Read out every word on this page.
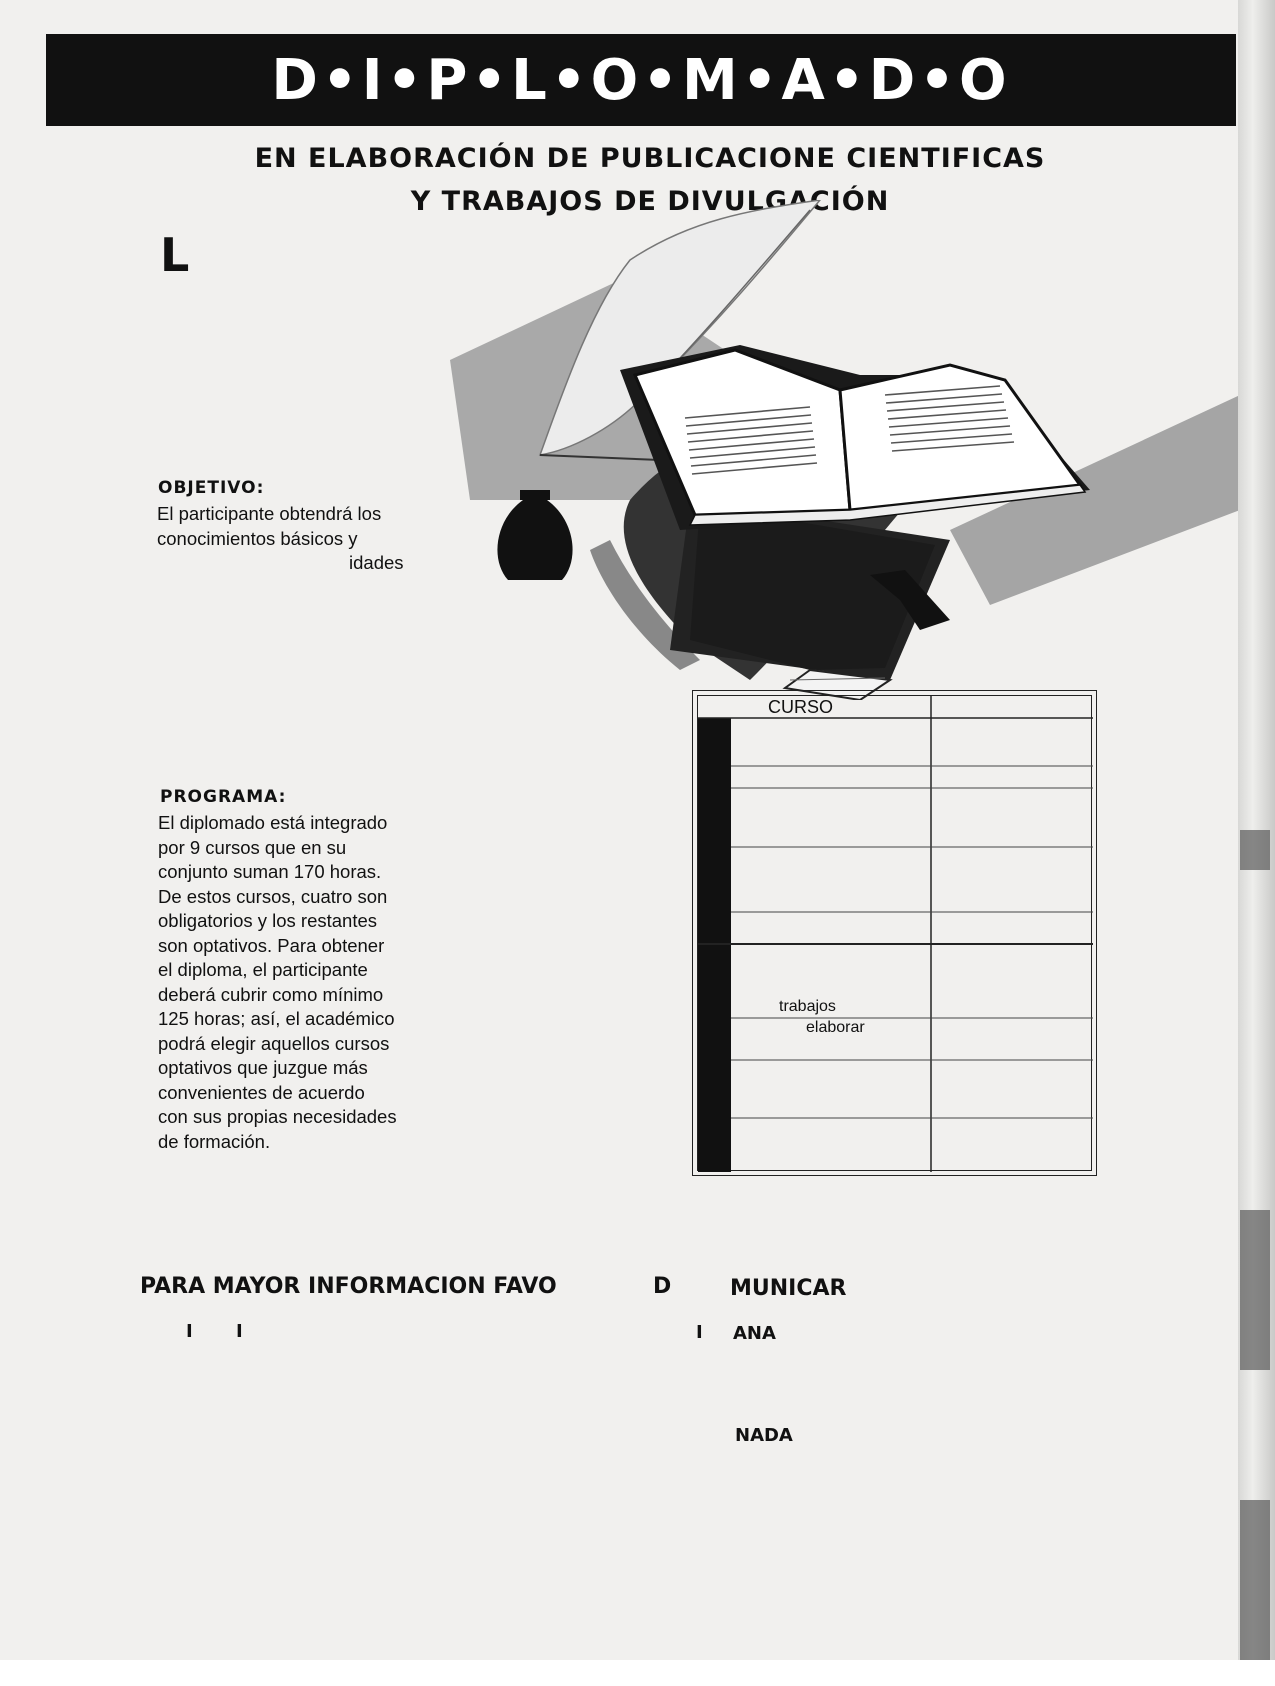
D•I•P•L•O•M•A•D•O
EN ELABORACIÓN DE PUBLICACIONE CIENTIFICAS
Y TRABAJOS DE DIVULGACIÓN
L
OBJETIVO:
El participante obtendrá los
conocimientos básicos y
idades
PROGRAMA:
El diplomado está integrado
por 9 cursos que en su
conjunto suman 170 horas.
De estos cursos, cuatro son
obligatorios y los restantes
son optativos. Para obtener
el diploma, el participante
deberá cubrir como mínimo
125 horas; así, el académico
podrá elegir aquellos cursos
optativos que juzgue más
convenientes de acuerdo
con sus propias necesidades
de formación.
CURSO
trabajos
elaborar
PARA MAYOR INFORMACION FAVO	D	MUNICAR
I I	I ANA
NADA
